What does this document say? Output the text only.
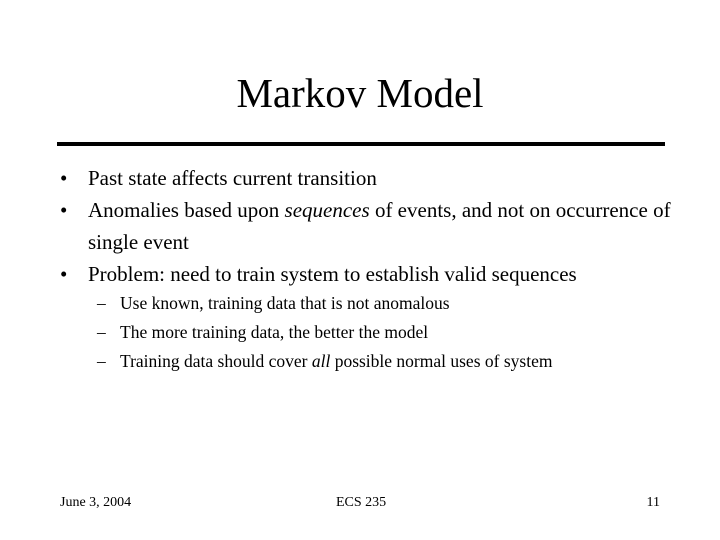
Markov Model
• Past state affects current transition
• Anomalies based upon sequences of events, and not on occurrence of single event
• Problem: need to train system to establish valid sequences
– Use known, training data that is not anomalous
– The more training data, the better the model
– Training data should cover all possible normal uses of system
June 3, 2004	ECS 235	11
